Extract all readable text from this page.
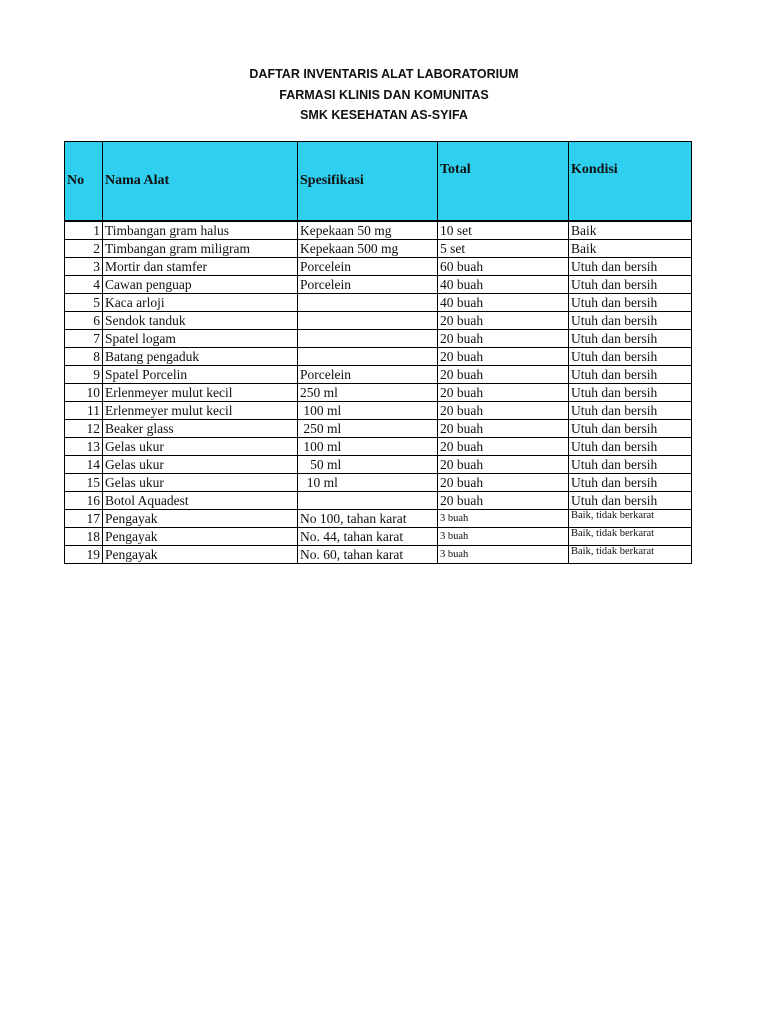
DAFTAR INVENTARIS ALAT LABORATORIUM
FARMASI KLINIS DAN KOMUNITAS
SMK KESEHATAN AS-SYIFA
No	Nama Alat	Spesifikasi	Total	Kondisi
1	Timbangan gram halus	Kepekaan 50 mg	10 set	Baik
2	Timbangan gram miligram	Kepekaan 500 mg	5 set	Baik
3	Mortir dan stamfer	Porcelein	60 buah	Utuh dan bersih
4	Cawan penguap	Porcelein	40 buah	Utuh dan bersih
5	Kaca arloji		40 buah	Utuh dan bersih
6	Sendok tanduk		20 buah	Utuh dan bersih
7	Spatel logam		20 buah	Utuh dan bersih
8	Batang pengaduk		20 buah	Utuh dan bersih
9	Spatel Porcelin	Porcelein	20 buah	Utuh dan bersih
10	Erlenmeyer mulut kecil	250 ml	20 buah	Utuh dan bersih
11	Erlenmeyer mulut kecil	100 ml	20 buah	Utuh dan bersih
12	Beaker glass	250 ml	20 buah	Utuh dan bersih
13	Gelas ukur	100 ml	20 buah	Utuh dan bersih
14	Gelas ukur	50 ml	20 buah	Utuh dan bersih
15	Gelas ukur	10 ml	20 buah	Utuh dan bersih
16	Botol Aquadest		20 buah	Utuh dan bersih
17	Pengayak	No 100, tahan karat	3 buah	Baik, tidak berkarat
18	Pengayak	No. 44, tahan karat	3 buah	Baik, tidak berkarat
19	Pengayak	No. 60, tahan karat	3 buah	Baik, tidak berkarat
